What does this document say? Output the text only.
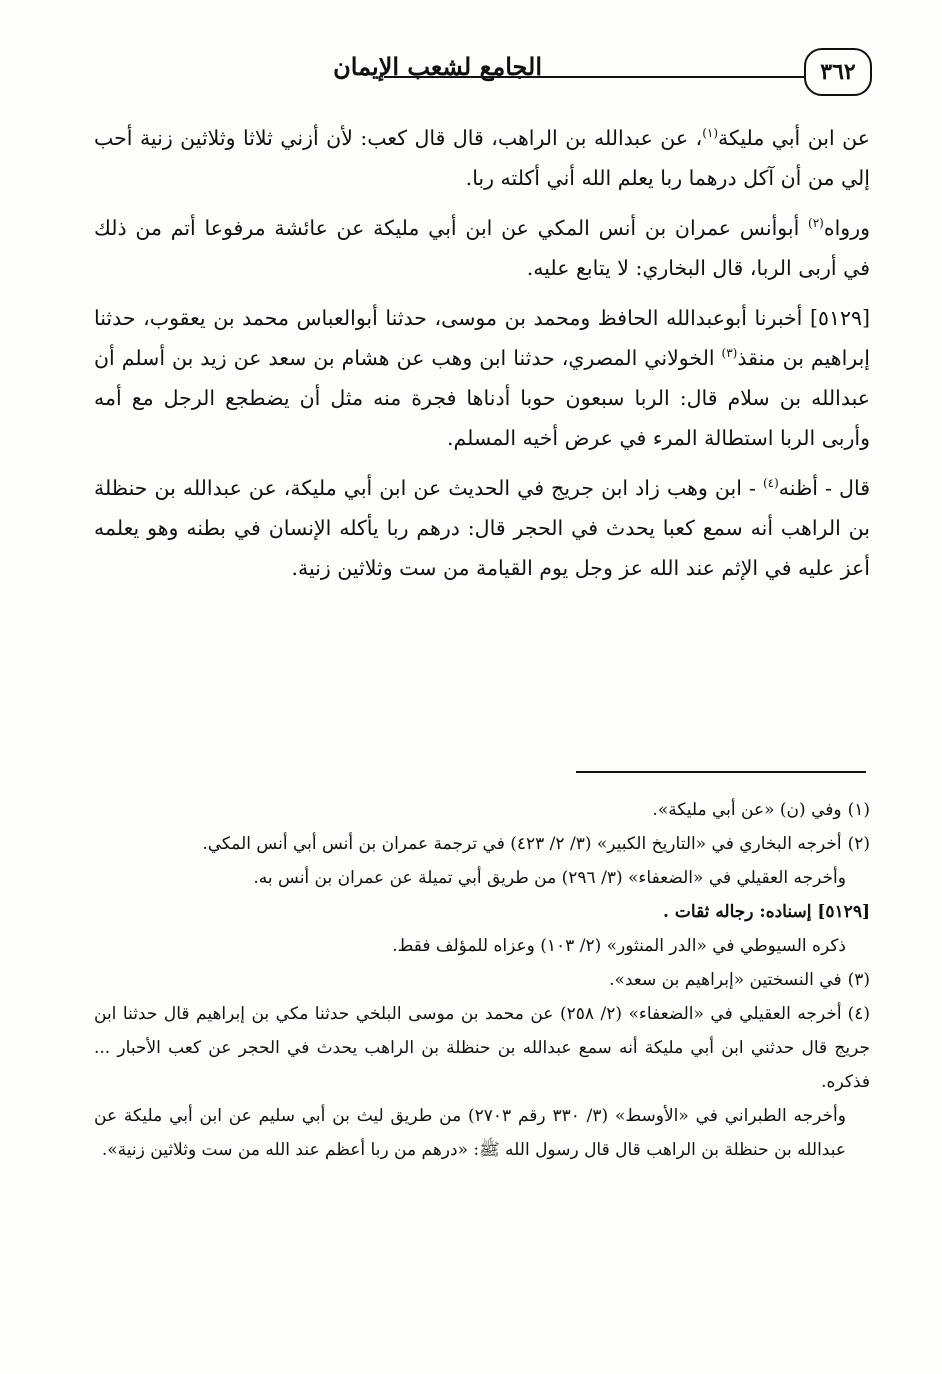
الجامع لشعب الإيمان	٣٦٢

عن ابن أبي مليكة$^{(١)}$، عن عبدالله بن الراهب، قال قال كعب: لأن أزني ثلاثا وثلاثين زنية أحب إلي من أن آكل درهما ربا يعلم الله أني أكلته ربا.

ورواه$^{(٢)}$ أبوأنس عمران بن أنس المكي عن ابن أبي مليكة عن عائشة مرفوعا أتم من ذلك في أربى الربا، قال البخاري: لا يتابع عليه.

[٥١٢٩] أخبرنا أبوعبدالله الحافظ ومحمد بن موسى، حدثنا أبوالعباس محمد بن يعقوب، حدثنا إبراهيم بن منقذ$^{(٣)}$ الخولاني المصري، حدثنا ابن وهب عن هشام بن سعد عن زيد بن أسلم أن عبدالله بن سلام قال: الربا سبعون حوبا أدناها فجرة منه مثل أن يضطجع الرجل مع أمه وأربى الربا استطالة المرء في عرض أخيه المسلم.

قال - أظنه$^{(٤)}$ - ابن وهب زاد ابن جريج في الحديث عن ابن أبي مليكة، عن عبدالله بن حنظلة بن الراهب أنه سمع كعبا يحدث في الحجر قال: درهم ربا يأكله الإنسان في بطنه وهو يعلمه أعز عليه في الإثم عند الله عز وجل يوم القيامة من ست وثلاثين زنية.

(١)وفي (ن) «عن أبي مليكة».

(٢)أخرجه البخاري في «التاريخ الكبير» (٣/ ٢/ ٤٢٣) في ترجمة عمران بن أنس أبي أنس المكي.

وأخرجه العقيلي في «الضعفاء» (٣/ ٢٩٦) من طريق أبي تميلة عن عمران بن أنس به.

[٥١٢٩] إسناده: رجاله ثقات .

ذكره السيوطي في «الدر المنثور» (٢/ ١٠٣) وعزاه للمؤلف فقط.

(٣)في النسختين «إبراهيم بن سعد».

(٤)أخرجه العقيلي في «الضعفاء» (٢/ ٢٥٨) عن محمد بن موسى البلخي حدثنا مكي بن إبراهيم قال حدثنا ابن جريج قال حدثني ابن أبي مليكة أنه سمع عبدالله بن حنظلة بن الراهب يحدث في الحجر عن كعب الأحبار ... فذكره.

وأخرجه الطبراني في «الأوسط» (٣/ ٣٣٠ رقم ٢٧٠٣) من طريق ليث بن أبي سليم عن ابن أبي مليكة عن عبدالله بن حنظلة بن الراهب قال قال رسول الله ﷺ: «درهم من ربا أعظم عند الله من ست وثلاثين زنية».
